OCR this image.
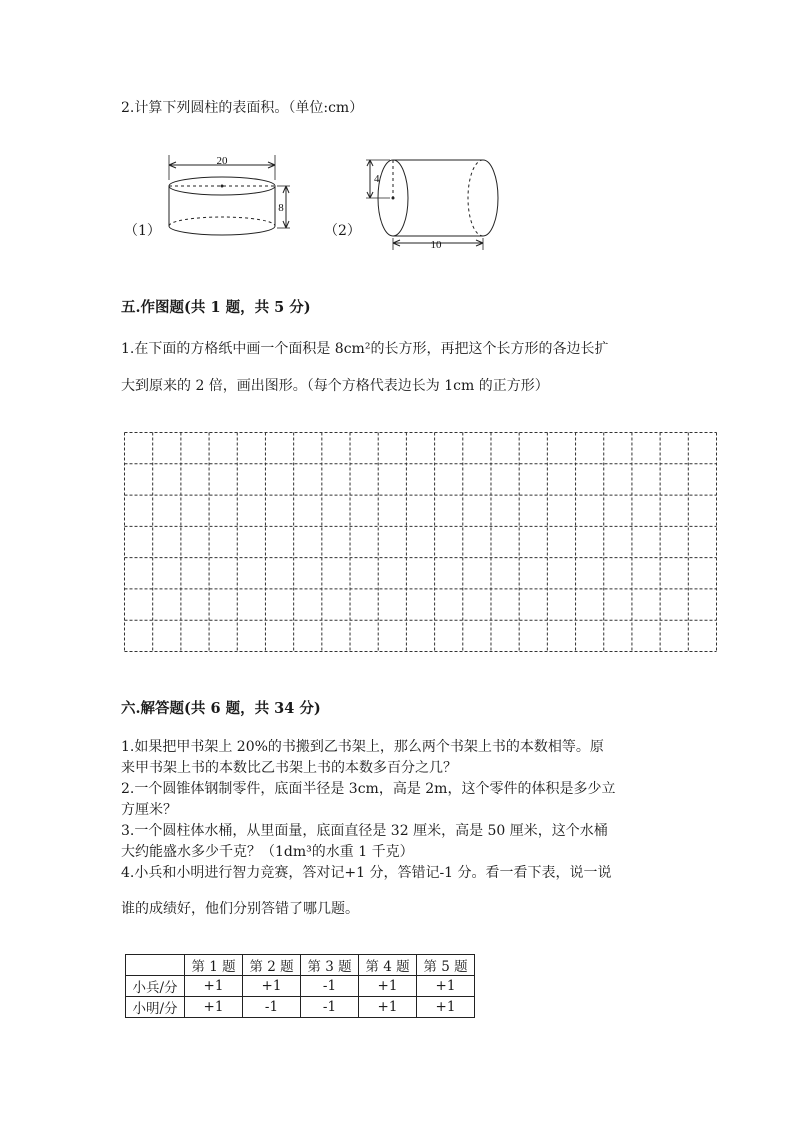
2.计算下列圆柱的表面积。（单位:cm）
（1）
20
8
（2）
4
10
五.作图题(共 1 题，共 5 分)
1.在下面的方格纸中画一个面积是 8cm²的长方形，再把这个长方形的各边长扩
大到原来的 2 倍，画出图形。（每个方格代表边长为 1cm 的正方形）
六.解答题(共 6 题，共 34 分)
1.如果把甲书架上 20%的书搬到乙书架上，那么两个书架上书的本数相等。原
来甲书架上书的本数比乙书架上书的本数多百分之几？
2.一个圆锥体钢制零件，底面半径是 3cm，高是 2m，这个零件的体积是多少立
方厘米？
3.一个圆柱体水桶，从里面量，底面直径是 32 厘米，高是 50 厘米，这个水桶
大约能盛水多少千克？（1dm³的水重 1 千克）
4.小兵和小明进行智力竞赛，答对记+1 分，答错记-1 分。看一看下表，说一说
谁的成绩好，他们分别答错了哪几题。
	第 1 题	第 2 题	第 3 题	第 4 题	第 5 题
小兵/分	+1	+1	-1	+1	+1
小明/分	+1	-1	-1	+1	+1
